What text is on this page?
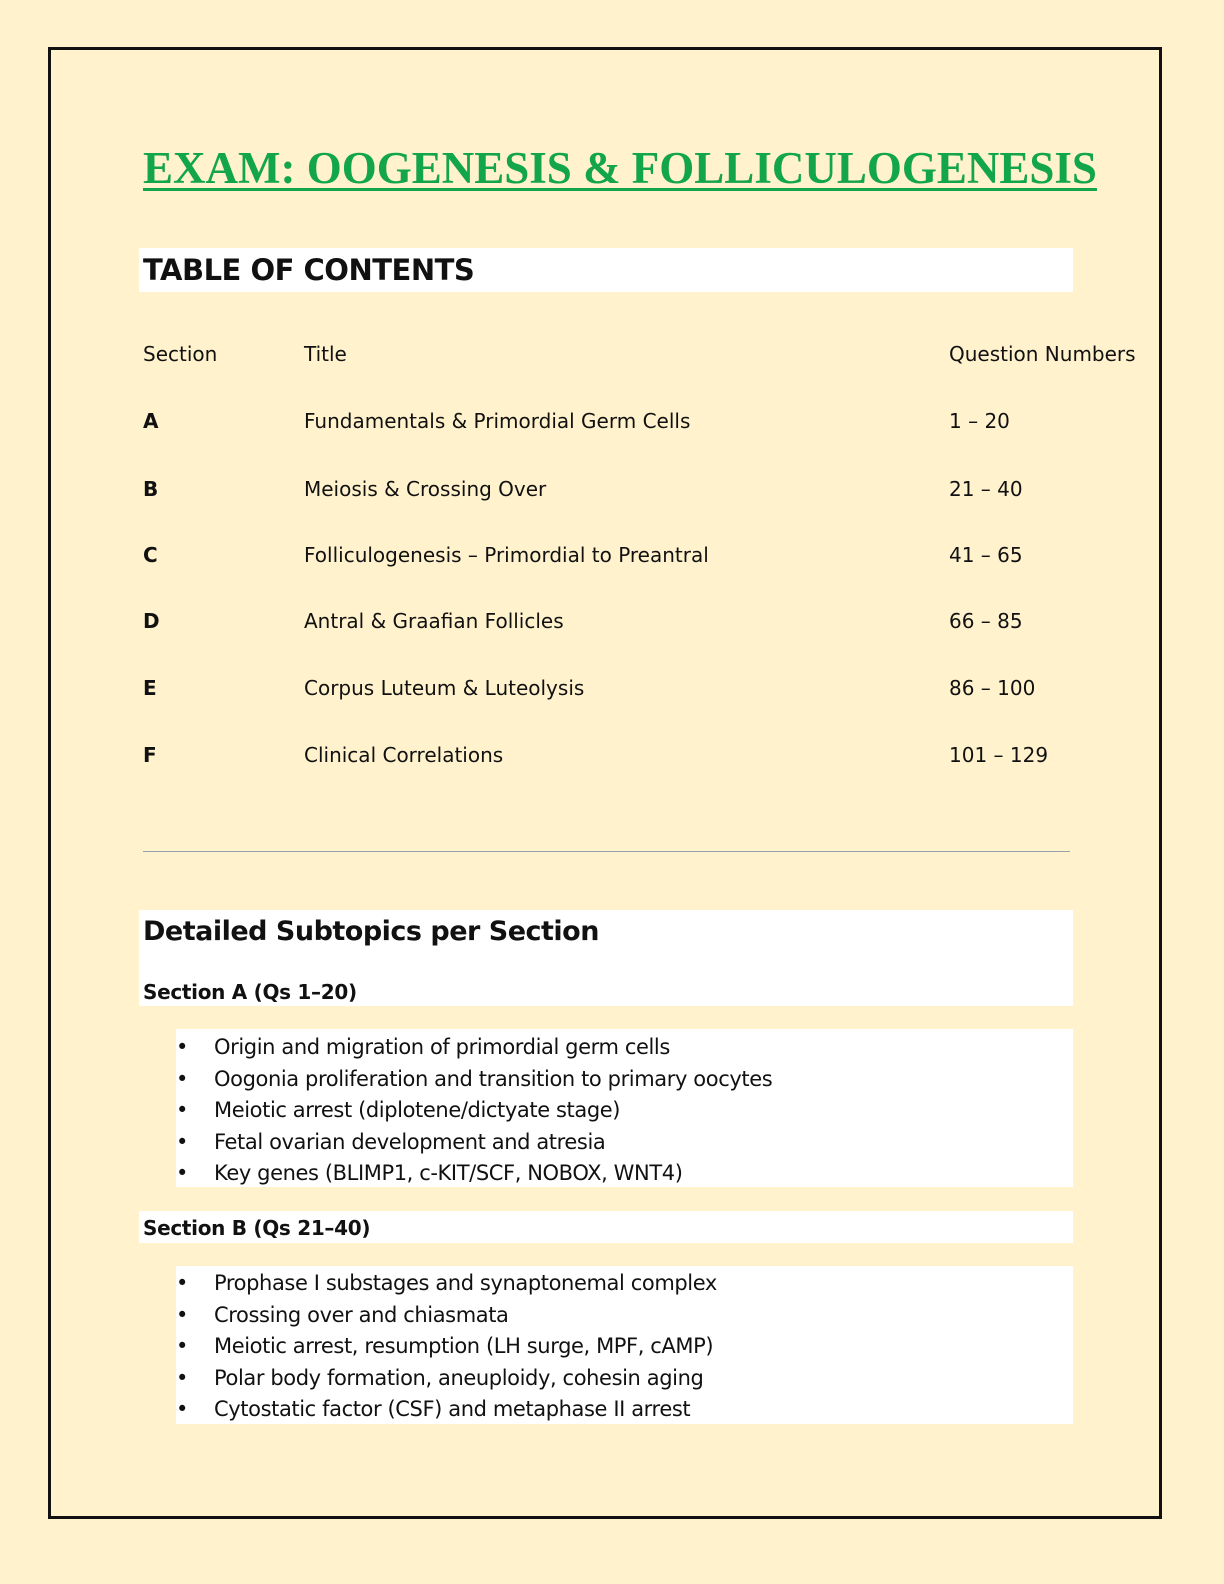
EXAM: OOGENESIS & FOLLICULOGENESIS
TABLE OF CONTENTS
Section	Title	Question Numbers
A	Fundamentals & Primordial Germ Cells	1 – 20
B	Meiosis & Crossing Over	21 – 40
C	Folliculogenesis – Primordial to Preantral	41 – 65
D	Antral & Graafian Follicles	66 – 85
E	Corpus Luteum & Luteolysis	86 – 100
F	Clinical Correlations	101 – 129
Detailed Subtopics per Section
Section A (Qs 1–20)
• Origin and migration of primordial germ cells
• Oogonia proliferation and transition to primary oocytes
• Meiotic arrest (diplotene/dictyate stage)
• Fetal ovarian development and atresia
• Key genes (BLIMP1, c-KIT/SCF, NOBOX, WNT4)
Section B (Qs 21–40)
• Prophase I substages and synaptonemal complex
• Crossing over and chiasmata
• Meiotic arrest, resumption (LH surge, MPF, cAMP)
• Polar body formation, aneuploidy, cohesin aging
• Cytostatic factor (CSF) and metaphase II arrest
